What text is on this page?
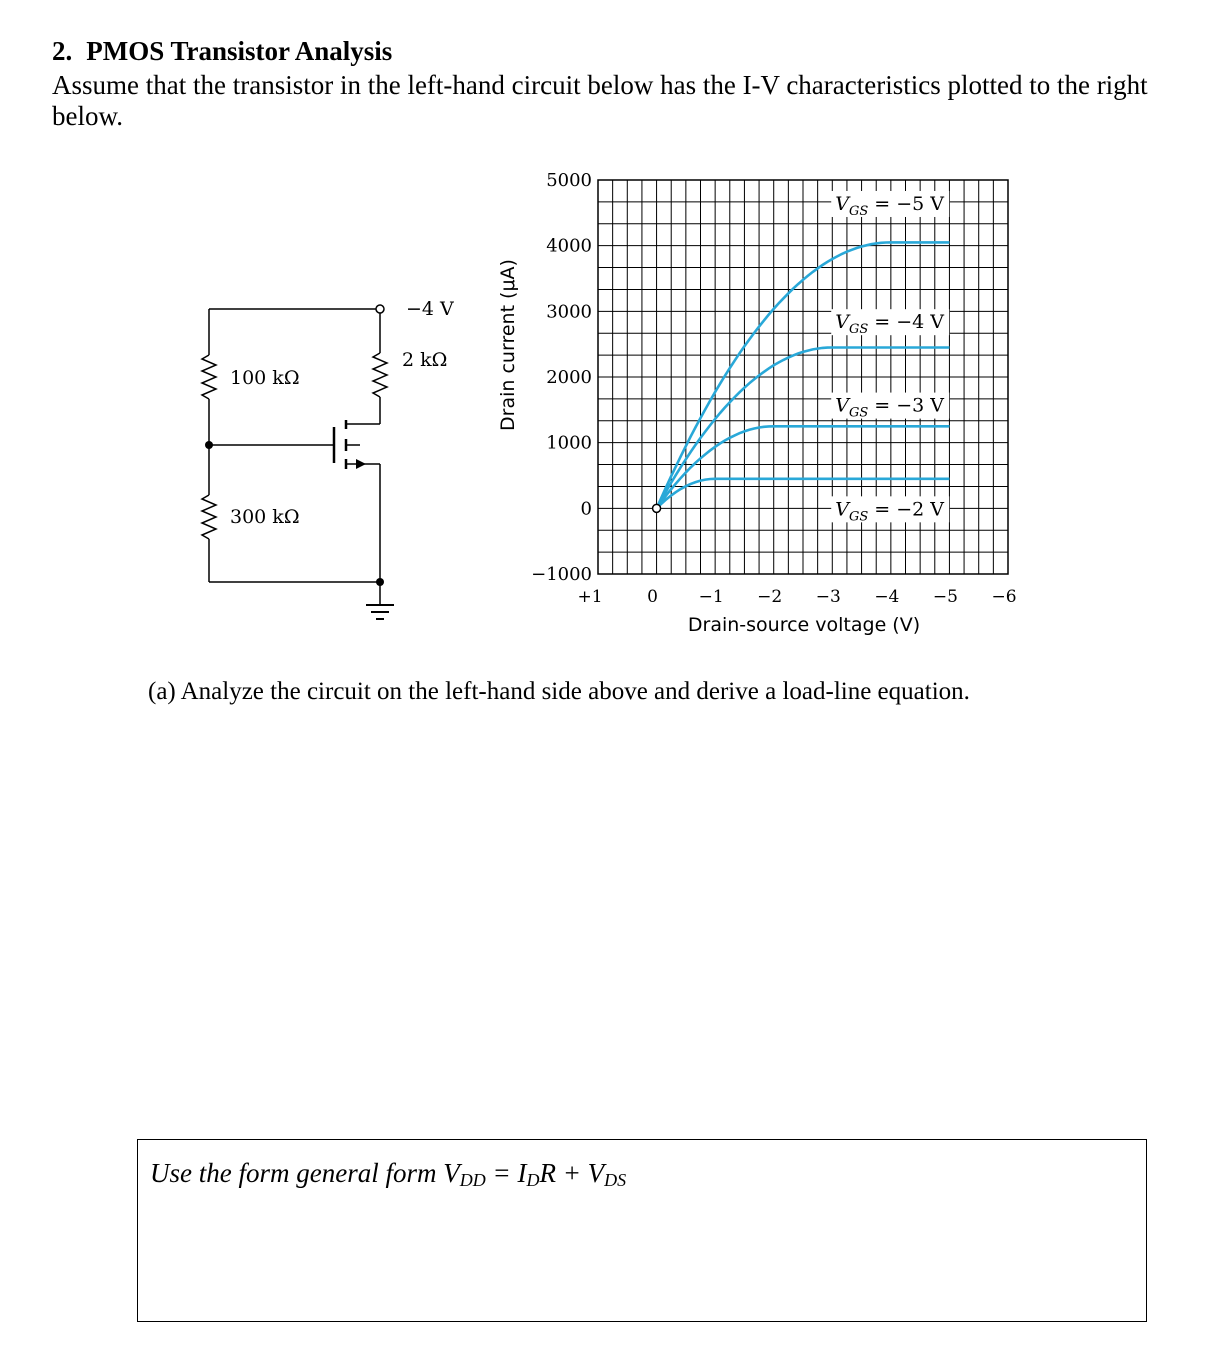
2. PMOS Transistor Analysis
Assume that the transistor in the left-hand circuit below has the I-V characteristics plotted to the right below.
−4 V
2 kΩ
100 kΩ
300 kΩ
5000
4000
3000
2000
1000
0
−1000
+1	0 −1 −2 −3 −4 −5 −6
$V_{GS} = -5$ V
$V_{GS} = -4$ V
$V_{GS} = -3$ V
$V_{GS} = -2$ V
Drain current (μA)
Drain-source voltage (V)
(a) Analyze the circuit on the left-hand side above and derive a load-line equation.
Use the form general form $V_{DD} = I_DR + V_{DS}$
